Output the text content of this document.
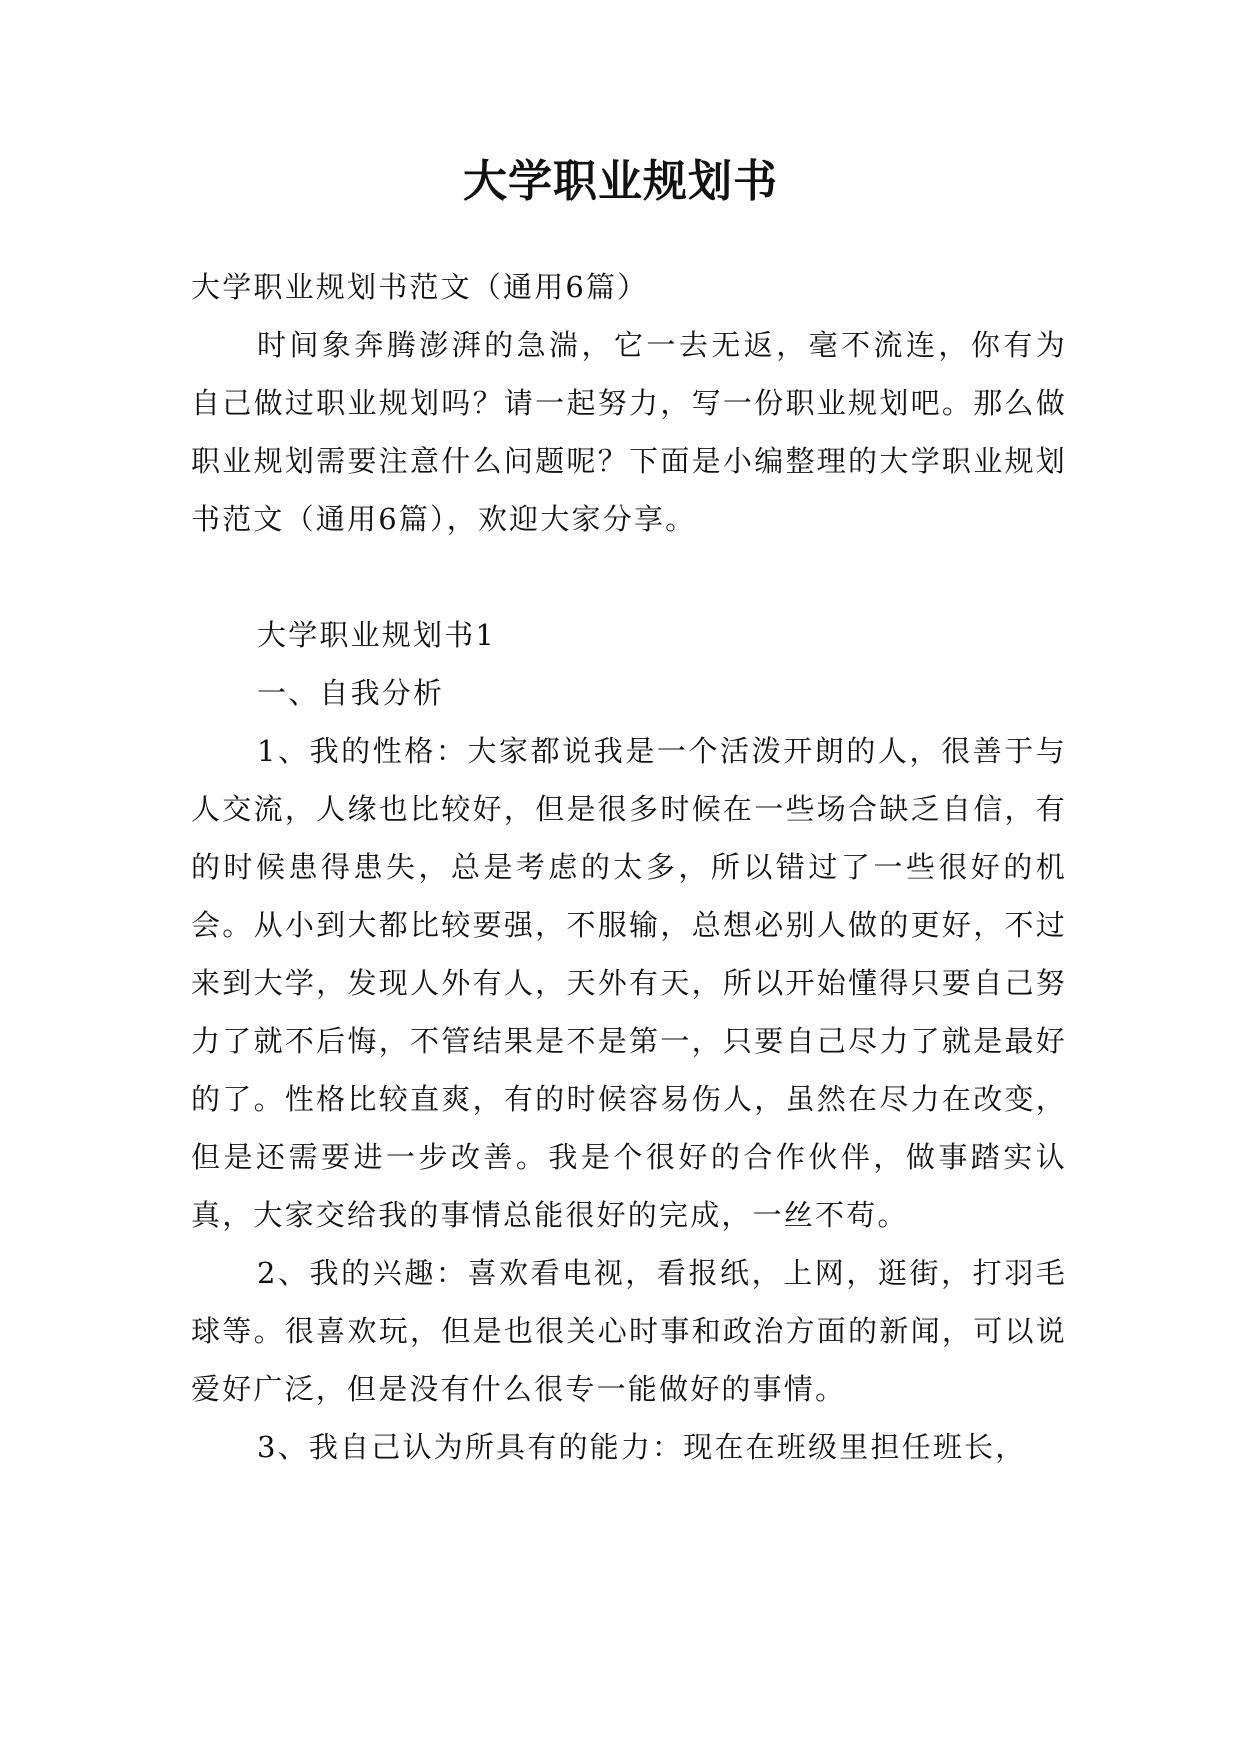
大学职业规划书

大学职业规划书范文（通用6篇）

时间象奔腾澎湃的急湍，它一去无返，毫不流连，你有为自己做过职业规划吗？请一起努力，写一份职业规划吧。那么做职业规划需要注意什么问题呢？下面是小编整理的大学职业规划书范文（通用6篇），欢迎大家分享。

大学职业规划书1

一、自我分析

1、我的性格：大家都说我是一个活泼开朗的人，很善于与人交流，人缘也比较好，但是很多时候在一些场合缺乏自信，有的时候患得患失，总是考虑的太多，所以错过了一些很好的机会。从小到大都比较要强，不服输，总想必别人做的更好，不过来到大学，发现人外有人，天外有天，所以开始懂得只要自己努力了就不后悔，不管结果是不是第一，只要自己尽力了就是最好的了。性格比较直爽，有的时候容易伤人，虽然在尽力在改变，但是还需要进一步改善。我是个很好的合作伙伴，做事踏实认真，大家交给我的事情总能很好的完成，一丝不苟。

2、我的兴趣：喜欢看电视，看报纸，上网，逛街，打羽毛球等。很喜欢玩，但是也很关心时事和政治方面的新闻，可以说爱好广泛，但是没有什么很专一能做好的事情。

3、我自己认为所具有的能力：现在在班级里担任班长，
